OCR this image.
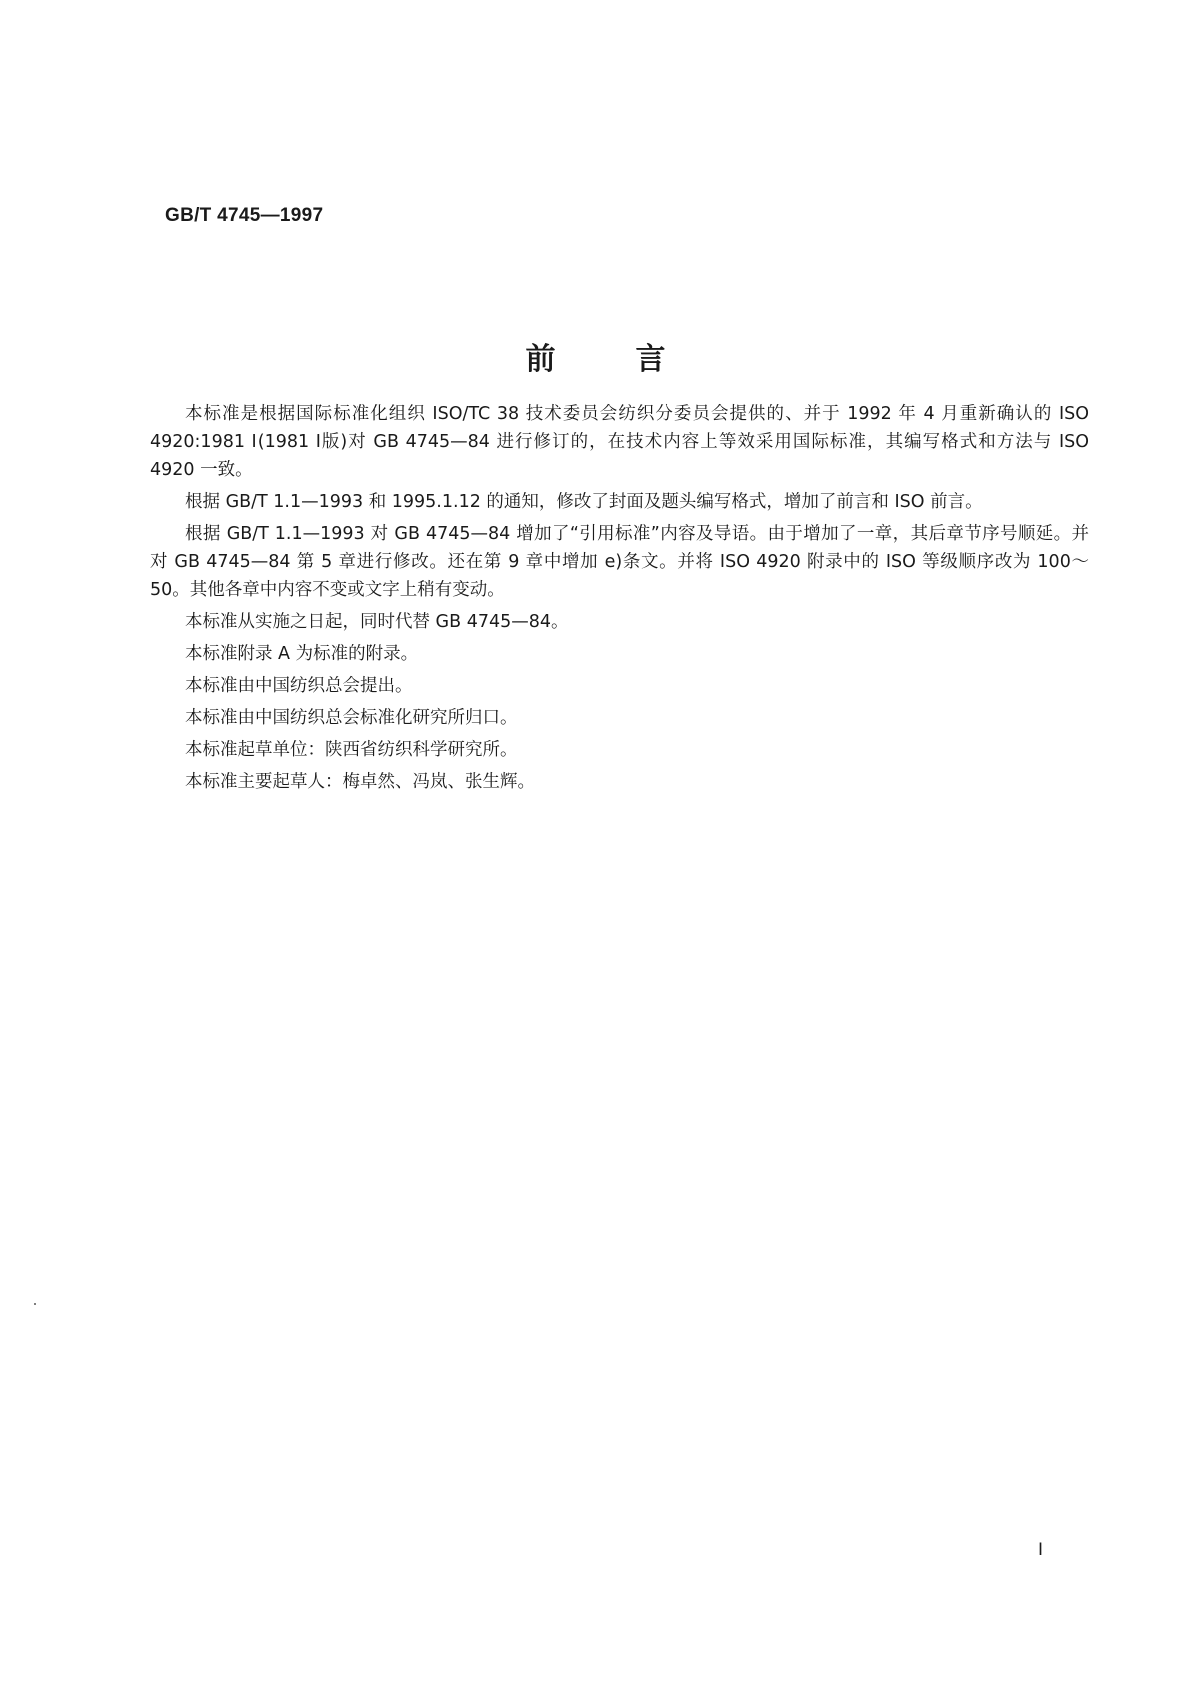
GB/T 4745—1997
前言

本标准是根据国际标准化组织 ISO/TC 38 技术委员会纺织分委员会提供的、并于 1992 年 4 月重新确认的 ISO 4920:1981 Ⅰ(1981 Ⅰ版)对 GB 4745—84 进行修订的，在技术内容上等效采用国际标准，其编写格式和方法与 ISO 4920 一致。

根据 GB/T 1.1—1993 和 1995.1.12 的通知，修改了封面及题头编写格式，增加了前言和 ISO 前言。

根据 GB/T 1.1—1993 对 GB 4745—84 增加了“引用标准”内容及导语。由于增加了一章，其后章节序号顺延。并对 GB 4745—84 第 5 章进行修改。还在第 9 章中增加 e)条文。并将 ISO 4920 附录中的 ISO 等级顺序改为 100～50。其他各章中内容不变或文字上稍有变动。

本标准从实施之日起，同时代替 GB 4745—84。

本标准附录 A 为标准的附录。

本标准由中国纺织总会提出。

本标准由中国纺织总会标准化研究所归口。

本标准起草单位：陕西省纺织科学研究所。

本标准主要起草人：梅卓然、冯岚、张生辉。

Ⅰ
